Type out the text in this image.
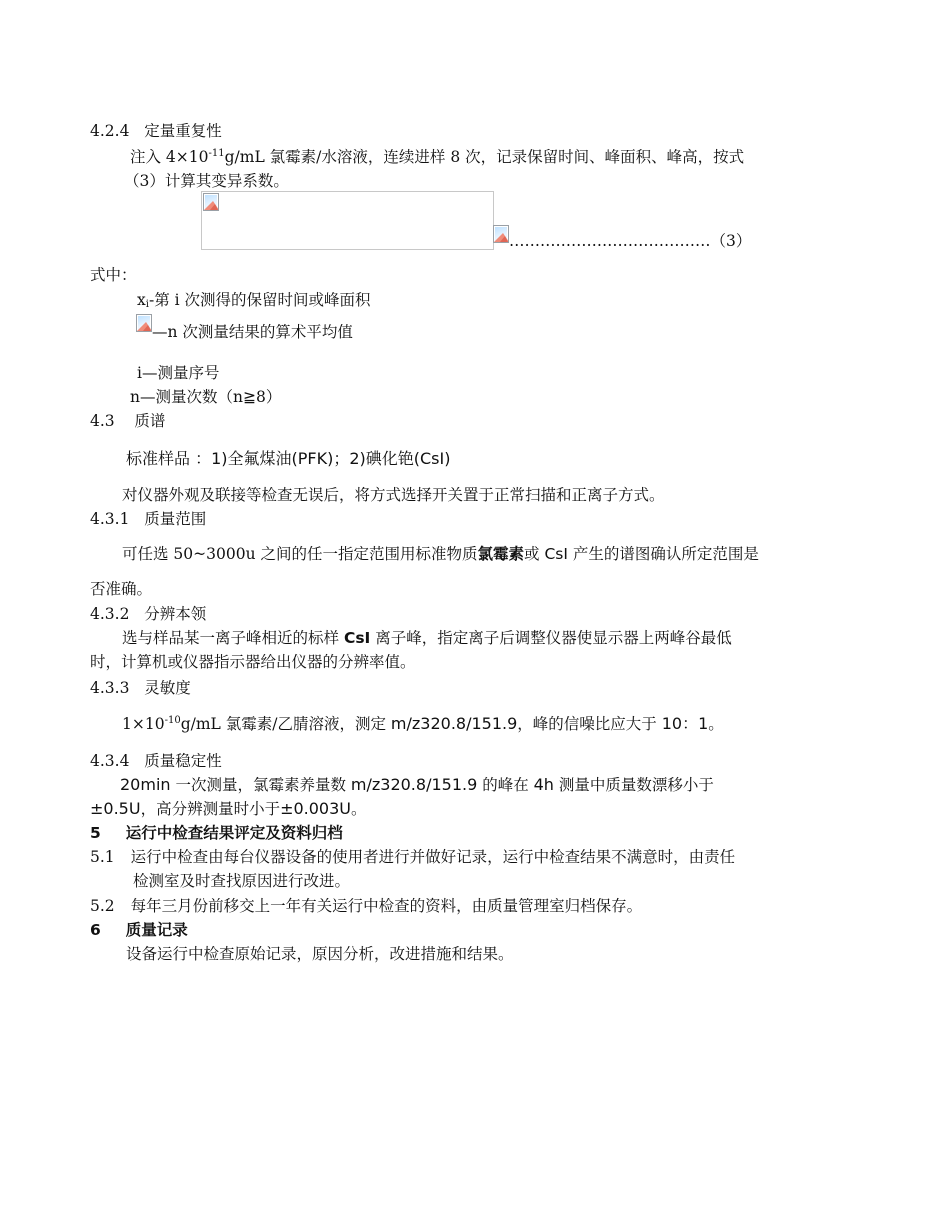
4.2.4 定量重复性
注入 $4\times 10^{-11}g/mL$ 氯霉素/水溶液，连续进样 8 次，记录保留时间、峰面积、峰高，按式
（3）计算其变异系数。
…………………………………（3）
式中：
$x_i-$第 i 次测得的保留时间或峰面积
—n 次测量结果的算术平均值
i—测量序号
n—测量次数（n≧8）
4.3 质谱
标准样品 ：1)全氟煤油(PFK)；2)碘化铯(CsI)
对仪器外观及联接等检查无误后，将方式选择开关置于正常扫描和正离子方式。
4.3.1 质量范围
可任选 50~3000u 之间的任一指定范围用标准物质氯霉素或 CsI 产生的谱图确认所定范围是
否准确。
4.3.2 分辨本领
选与样品某一离子峰相近的标样 CsI 离子峰，指定离子后调整仪器使显示器上两峰谷最低
时，计算机或仪器指示器给出仪器的分辨率值。
4.3.3 灵敏度
$1\times 10^{-10}g/mL$ 氯霉素/乙腈溶液，测定 m/z320.8/151.9，峰的信噪比应大于 10：1。
4.3.4 质量稳定性
20min 一次测量，氯霉素养量数 m/z320.8/151.9 的峰在 4h 测量中质量数漂移小于
±0.5U，高分辨测量时小于±0.003U。
5 运行中检查结果评定及资料归档
5.1 运行中检查由每台仪器设备的使用者进行并做好记录，运行中检查结果不满意时，由责任
检测室及时查找原因进行改进。
5.2 每年三月份前移交上一年有关运行中检查的资料，由质量管理室归档保存。
6 质量记录
设备运行中检查原始记录，原因分析，改进措施和结果。
